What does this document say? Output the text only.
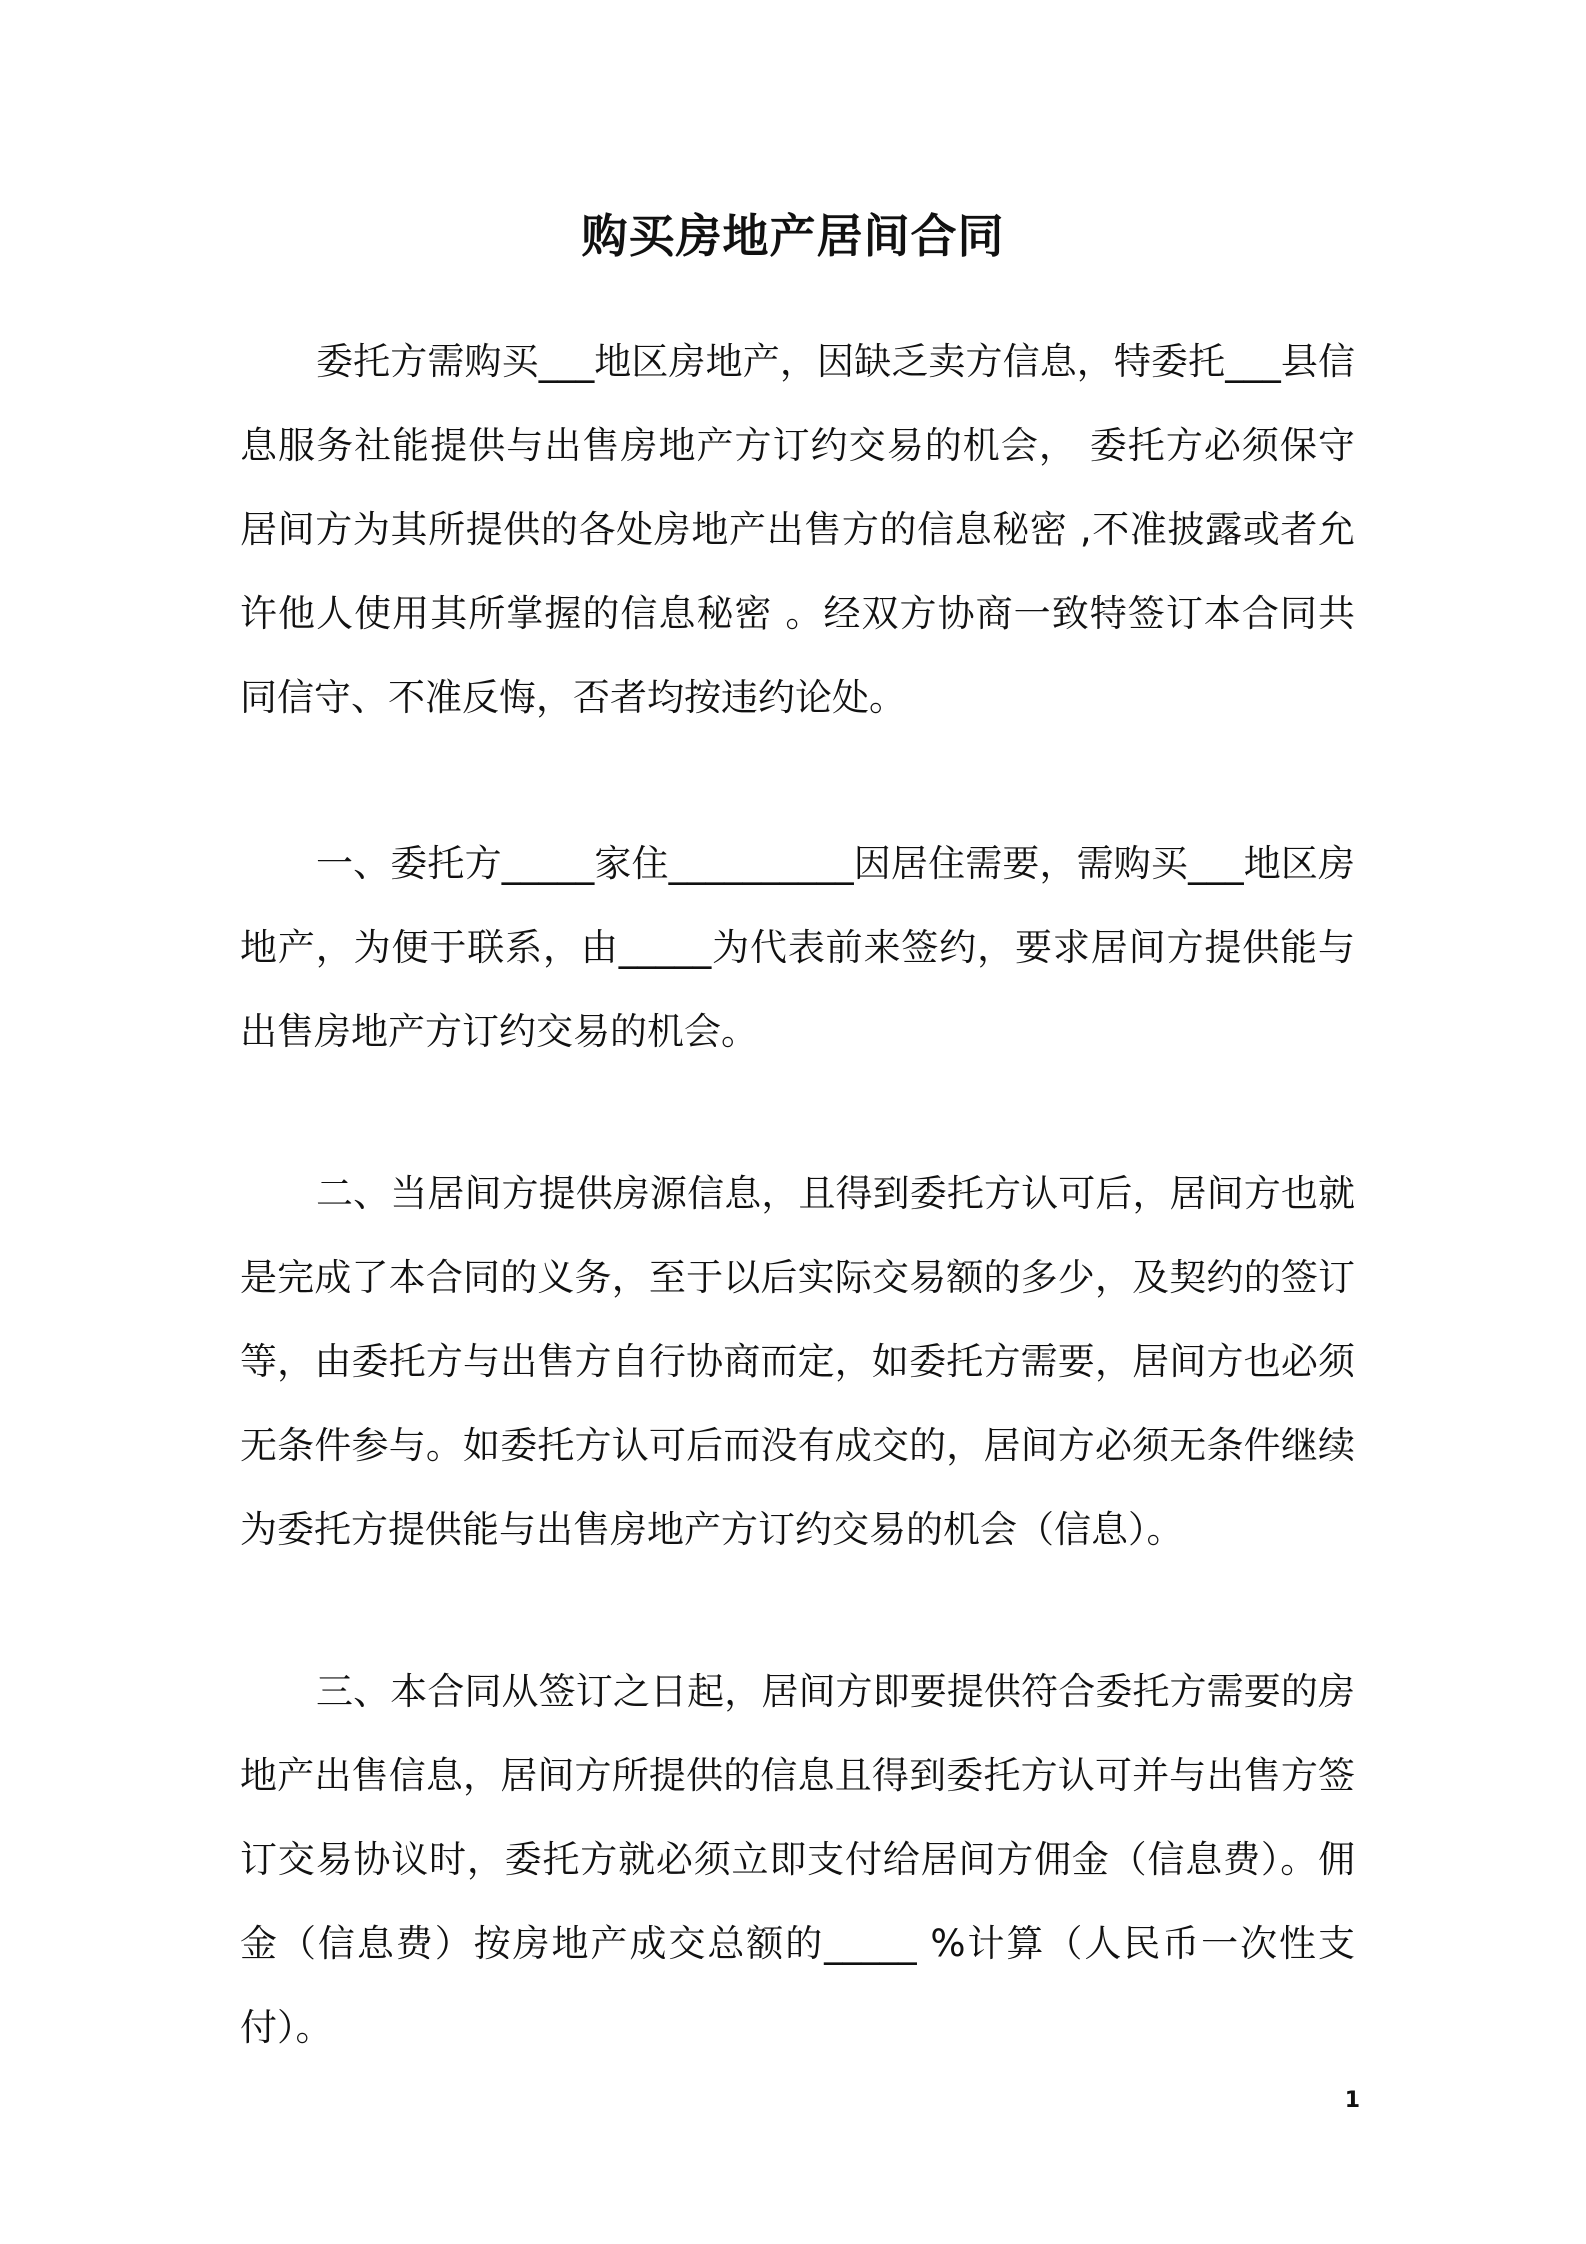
购买房地产居间合同

委托方需购买___地区房地产，因缺乏卖方信息，特委托___县信息服务社能提供与出售房地产方订约交易的机会， 委托方必须保守居间方为其所提供的各处房地产出售方的信息秘密 ,不准披露或者允许他人使用其所掌握的信息秘密 。经双方协商一致特签订本合同共同信守、不准反悔，否者均按违约论处。

一、委托方_____家住__________因居住需要，需购买___地区房地产，为便于联系，由_____为代表前来签约，要求居间方提供能与出售房地产方订约交易的机会。

二、当居间方提供房源信息，且得到委托方认可后，居间方也就是完成了本合同的义务，至于以后实际交易额的多少，及契约的签订等，由委托方与出售方自行协商而定，如委托方需要，居间方也必须无条件参与。如委托方认可后而没有成交的，居间方必须无条件继续为委托方提供能与出售房地产方订约交易的机会（信息）。

三、本合同从签订之日起，居间方即要提供符合委托方需要的房地产出售信息，居间方所提供的信息且得到委托方认可并与出售方签订交易协议时，委托方就必须立即支付给居间方佣金（信息费）。佣金（信息费）按房地产成交总额的_____ %计算（人民币一次性支付）。

1
